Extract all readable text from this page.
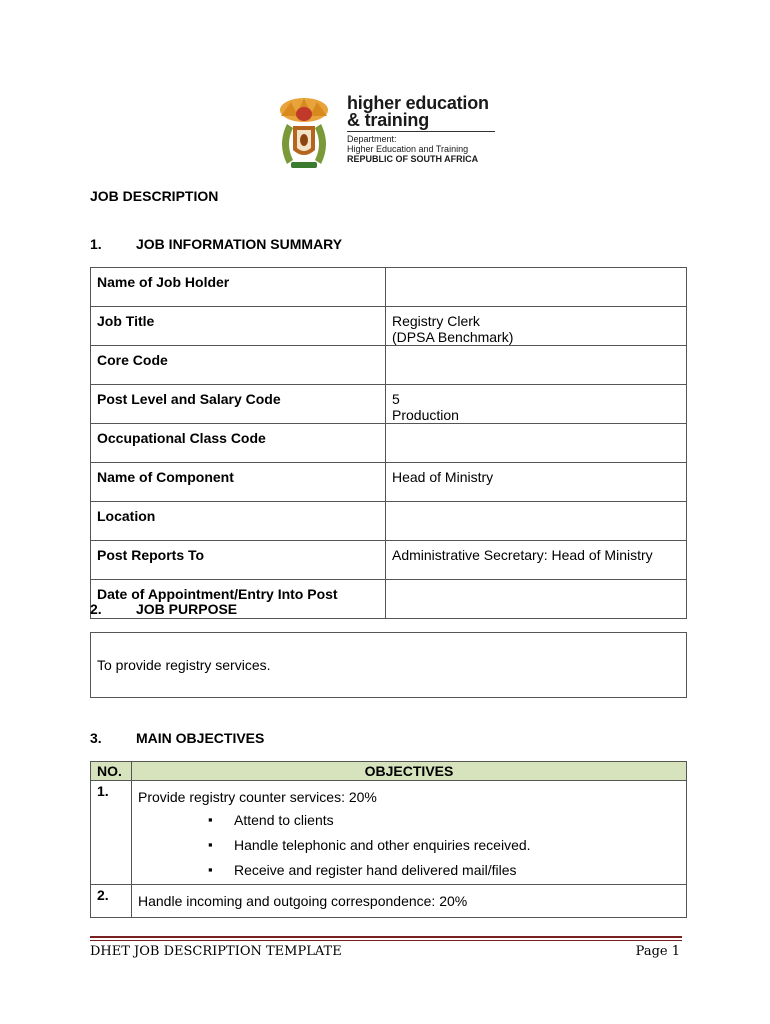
higher education
& training
Department:
Higher Education and Training
REPUBLIC OF SOUTH AFRICA
JOB DESCRIPTION
1. JOB INFORMATION SUMMARY
Name of Job Holder	
Job Title	Registry Clerk
(DPSA Benchmark)

Core Code	
Post Level and Salary Code	5
Production

Occupational Class Code	
Name of Component	Head of Ministry
Location	
Post Reports To	Administrative Secretary: Head of Ministry
Date of Appointment/Entry Into Post	
2. JOB PURPOSE
To provide registry services.
3. MAIN OBJECTIVES
NO.	OBJECTIVES
1.	Provide registry counter services: 20%
▪ Attend to clients
▪ Handle telephonic and other enquiries received.
▪ Receive and register hand delivered mail/files

2.	Handle incoming and outgoing correspondence: 20%
DHET JOB DESCRIPTION TEMPLATE	Page 1
